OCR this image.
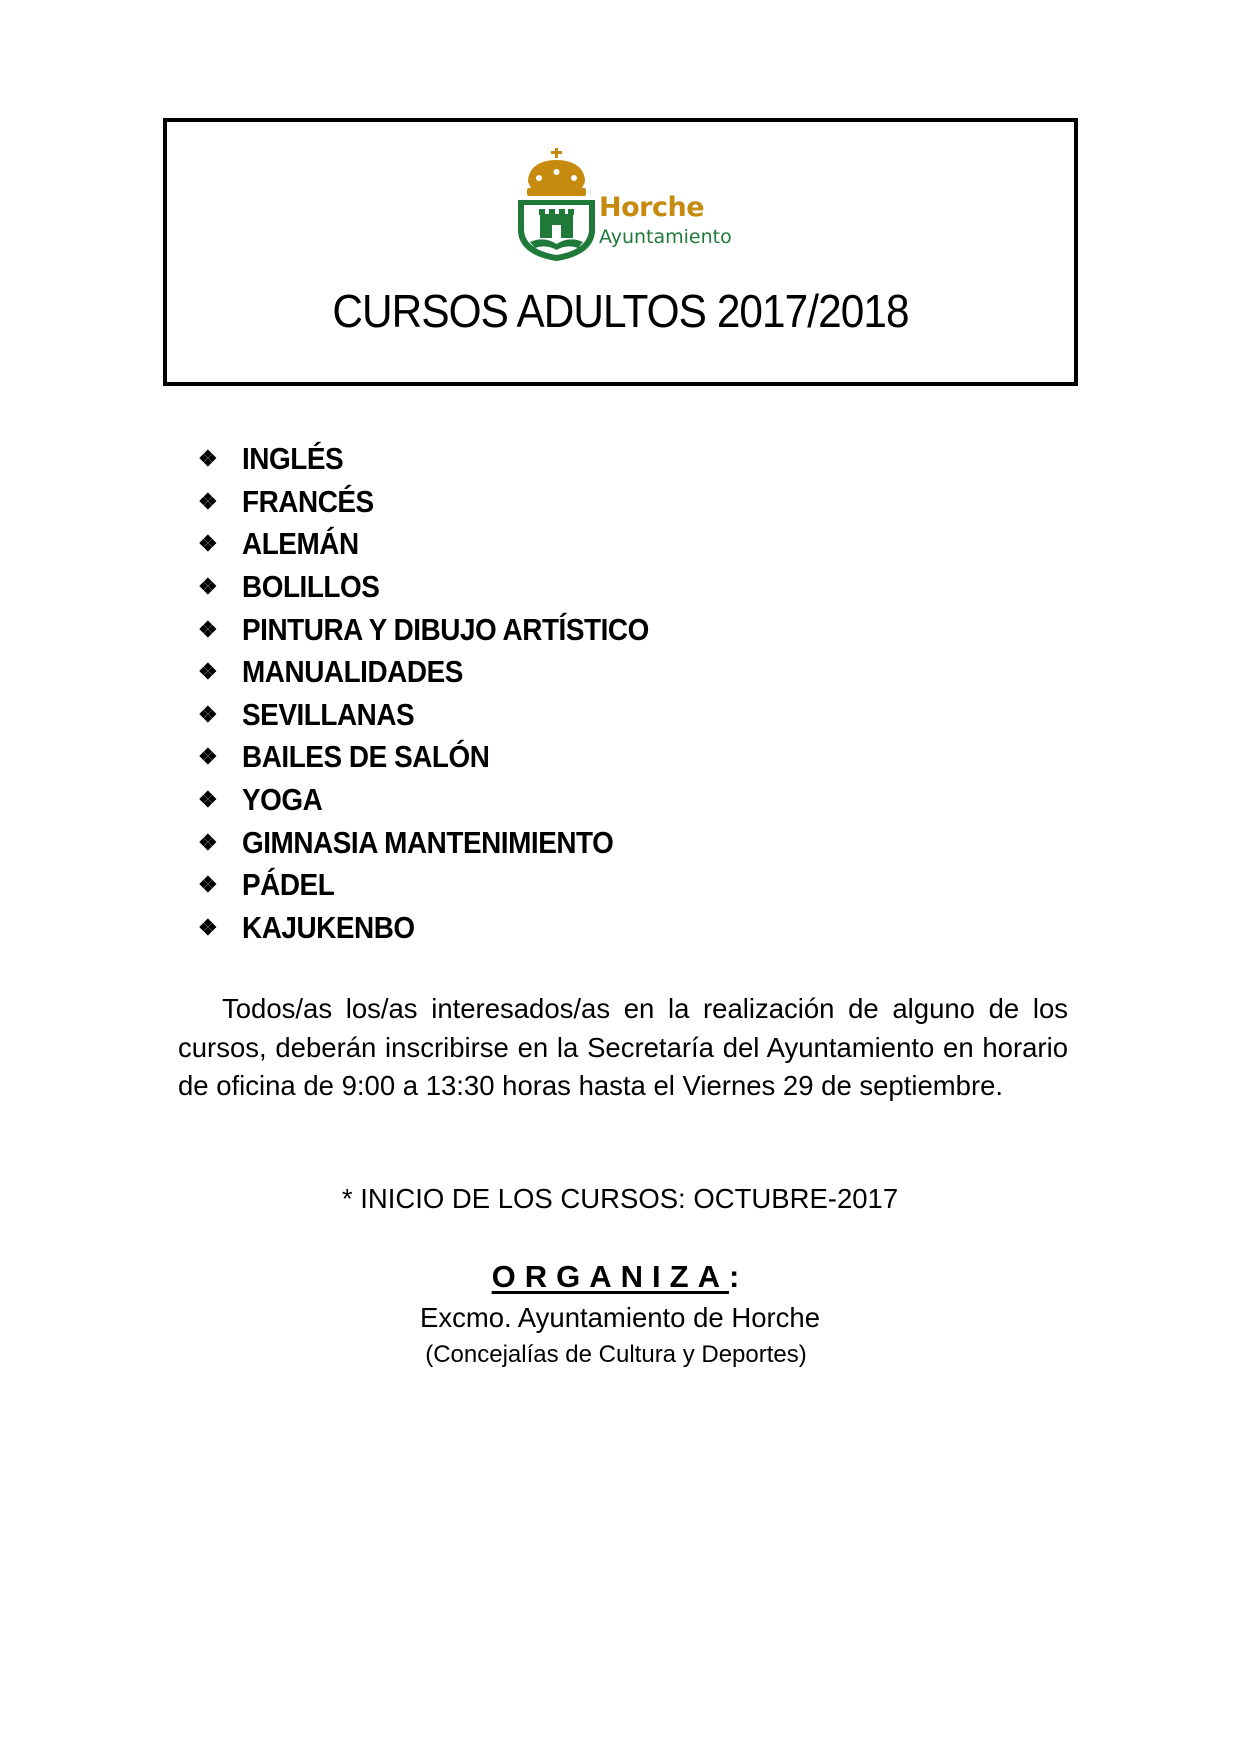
Horche
Ayuntamiento
CURSOS ADULTOS 2017/2018
❖ INGLÉS
❖ FRANCÉS
❖ ALEMÁN
❖ BOLILLOS
❖ PINTURA Y DIBUJO ARTÍSTICO
❖ MANUALIDADES
❖ SEVILLANAS
❖ BAILES DE SALÓN
❖ YOGA
❖ GIMNASIA MANTENIMIENTO
❖ PÁDEL
❖ KAJUKENBO

Todos/as los/as interesados/as en la realización de alguno de los cursos, deberán inscribirse en la Secretaría del Ayuntamiento en horario de oficina de 9:00 a 13:30 horas hasta el Viernes 29 de septiembre.

* INICIO DE LOS CURSOS: OCTUBRE-2017

ORGANIZA:

Excmo. Ayuntamiento de Horche

(Concejalías de Cultura y Deportes)
